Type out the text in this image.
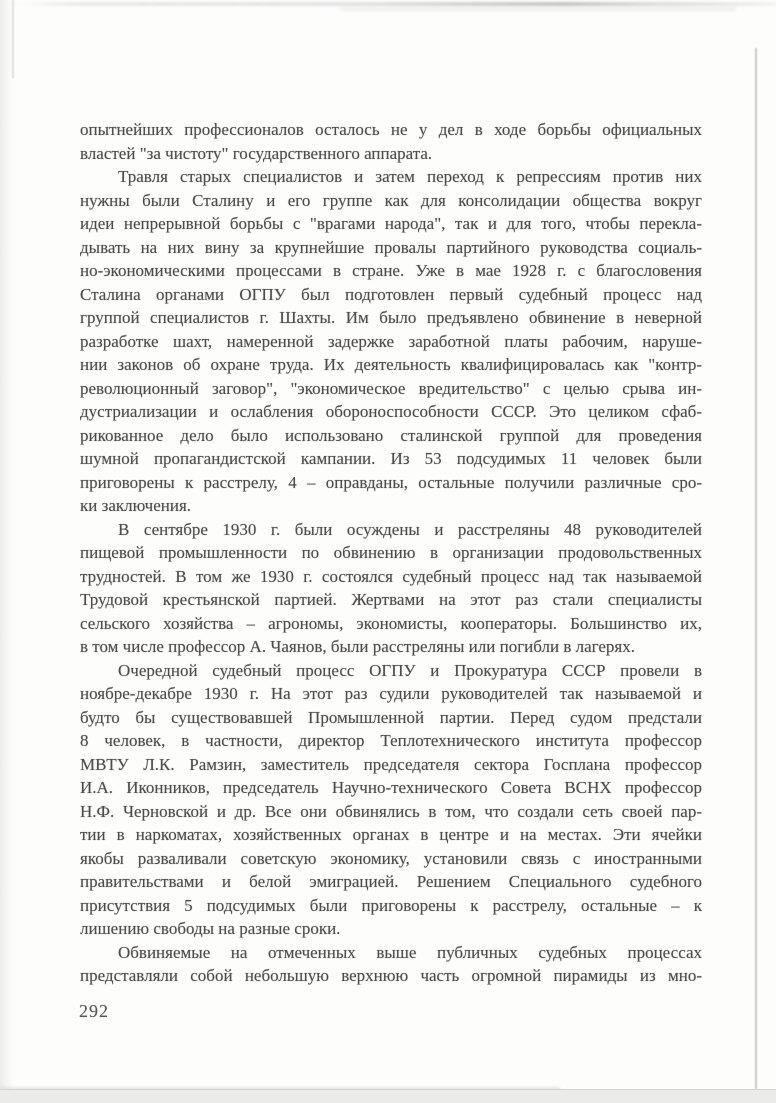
опытнейших профессионалов осталось не у дел в ходе борьбы официальных
властей "за чистоту" государственного аппарата.
Травля старых специалистов и затем переход к репрессиям против них
нужны были Сталину и его группе как для консолидации общества вокруг
идеи непрерывной борьбы с "врагами народа", так и для того, чтобы перекла-
дывать на них вину за крупнейшие провалы партийного руководства социаль-
но-экономическими процессами в стране. Уже в мае 1928 г. с благословения
Сталина органами ОГПУ был подготовлен первый судебный процесс над
группой специалистов г. Шахты. Им было предъявлено обвинение в неверной
разработке шахт, намеренной задержке заработной платы рабочим, наруше-
нии законов об охране труда. Их деятельность квалифицировалась как "контр-
революционный заговор", "экономическое вредительство" с целью срыва ин-
дустриализации и ослабления обороноспособности СССР. Это целиком сфаб-
рикованное дело было использовано сталинской группой для проведения
шумной пропагандистской кампании. Из 53 подсудимых 11 человек были
приговорены к расстрелу, 4 – оправданы, остальные получили различные сро-
ки заключения.
В сентябре 1930 г. были осуждены и расстреляны 48 руководителей
пищевой промышленности по обвинению в организации продовольственных
трудностей. В том же 1930 г. состоялся судебный процесс над так называемой
Трудовой крестьянской партией. Жертвами на этот раз стали специалисты
сельского хозяйства – агрономы, экономисты, кооператоры. Большинство их,
в том числе профессор А. Чаянов, были расстреляны или погибли в лагерях.
Очередной судебный процесс ОГПУ и Прокуратура СССР провели в
ноябре-декабре 1930 г. На этот раз судили руководителей так называемой и
будто бы существовавшей Промышленной партии. Перед судом предстали
8 человек, в частности, директор Теплотехнического института профессор
МВТУ Л.К. Рамзин, заместитель председателя сектора Госплана профессор
И.А. Иконников, председатель Научно-технического Совета ВСНХ профессор
Н.Ф. Черновской и др. Все они обвинялись в том, что создали сеть своей пар-
тии в наркоматах, хозяйственных органах в центре и на местах. Эти ячейки
якобы разваливали советскую экономику, установили связь с иностранными
правительствами и белой эмиграцией. Решением Специального судебного
присутствия 5 подсудимых были приговорены к расстрелу, остальные – к
лишению свободы на разные сроки.
Обвиняемые на отмеченных выше публичных судебных процессах
представляли собой небольшую верхнюю часть огромной пирамиды из мно-
292
